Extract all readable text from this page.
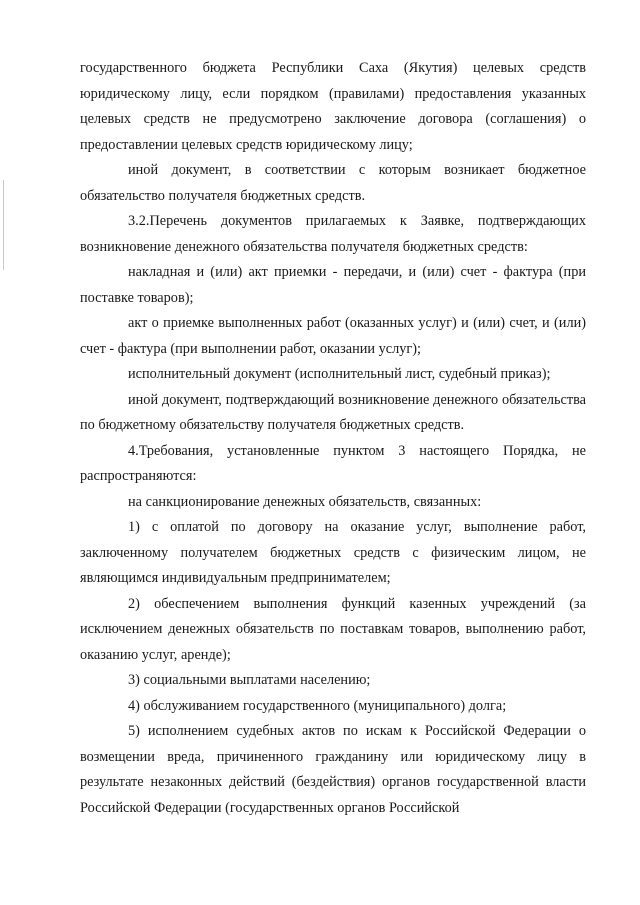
государственного бюджета Республики Саха (Якутия) целевых средств юридическому лицу, если порядком (правилами) предоставления указанных целевых средств не предусмотрено заключение договора (соглашения) о предоставлении целевых средств юридическому лицу;

иной документ, в соответствии с которым возникает бюджетное обязательство получателя бюджетных средств.

3.2.Перечень документов прилагаемых к Заявке, подтверждающих возникновение денежного обязательства получателя бюджетных средств:

накладная и (или) акт приемки - передачи, и (или) счет - фактура (при поставке товаров);

акт о приемке выполненных работ (оказанных услуг) и (или) счет, и (или) счет - фактура (при выполнении работ, оказании услуг);

исполнительный документ (исполнительный лист, судебный приказ);

иной документ, подтверждающий возникновение денежного обязательства по бюджетному обязательству получателя бюджетных средств.

4.Требования, установленные пунктом 3 настоящего Порядка, не распространяются:

на санкционирование денежных обязательств, связанных:

1) с оплатой по договору на оказание услуг, выполнение работ, заключенному получателем бюджетных средств с физическим лицом, не являющимся индивидуальным предпринимателем;

2) обеспечением выполнения функций казенных учреждений (за исключением денежных обязательств по поставкам товаров, выполнению работ, оказанию услуг, аренде);

3) социальными выплатами населению;

4) обслуживанием государственного (муниципального) долга;

5) исполнением судебных актов по искам к Российской Федерации о возмещении вреда, причиненного гражданину или юридическому лицу в результате незаконных действий (бездействия) органов государственной власти Российской Федерации (государственных органов Российской
